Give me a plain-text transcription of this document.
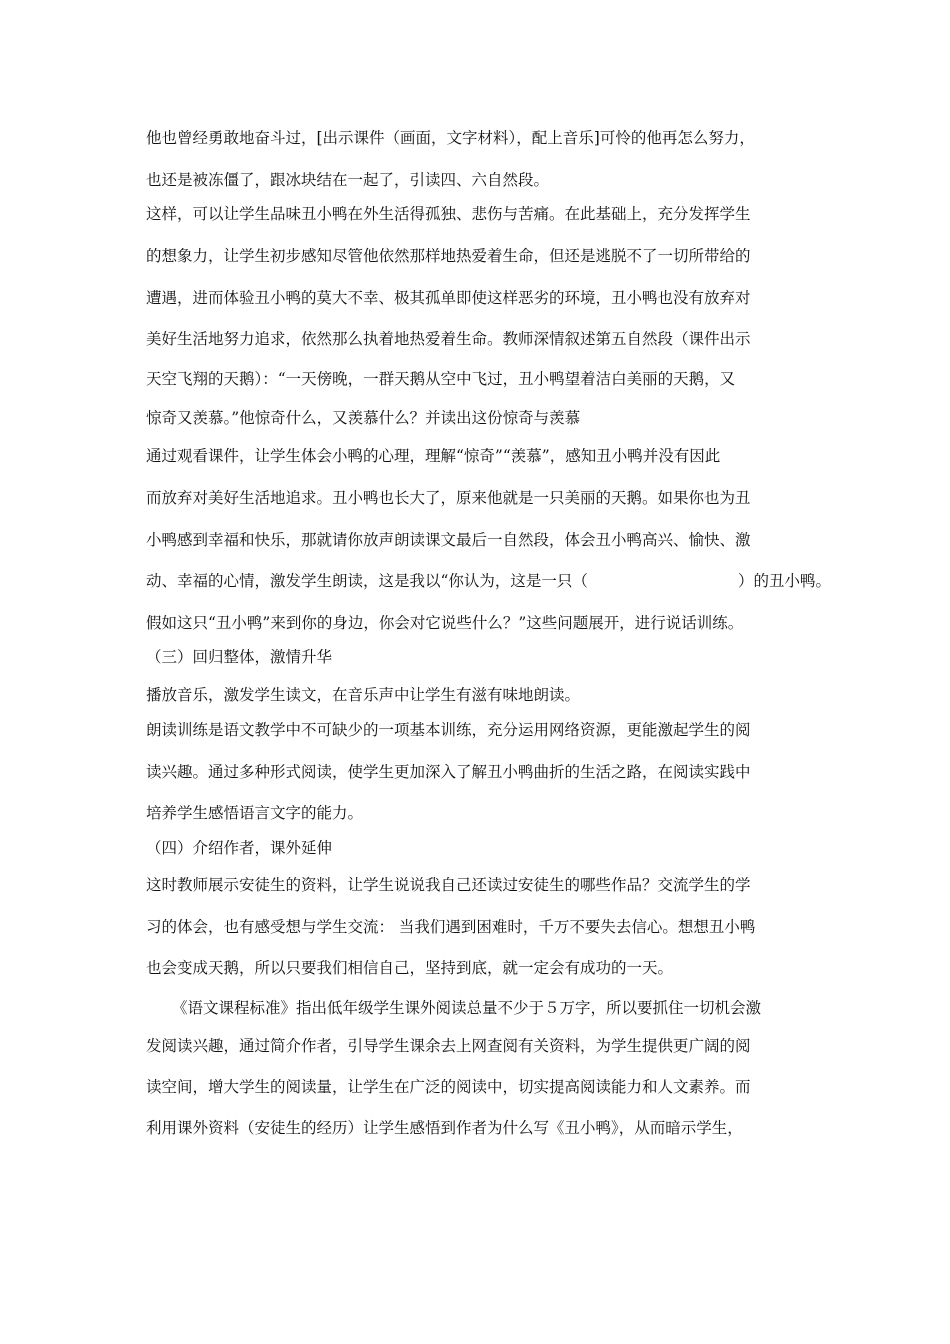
他也曾经勇敢地奋斗过，[出示课件（画面，文字材料），配上音乐]可怜的他再怎么努力，
也还是被冻僵了，跟冰块结在一起了，引读四、六自然段。
这样，可以让学生品味丑小鸭在外生活得孤独、悲伤与苦痛。在此基础上，充分发挥学生
的想象力，让学生初步感知尽管他依然那样地热爱着生命，但还是逃脱不了一切所带给的
遭遇，进而体验丑小鸭的莫大不幸、极其孤单即使这样恶劣的环境，丑小鸭也没有放弃对
美好生活地努力追求，依然那么执着地热爱着生命。教师深情叙述第五自然段（课件出示
天空飞翔的天鹅）：“一天傍晚，一群天鹅从空中飞过，丑小鸭望着洁白美丽的天鹅，又
惊奇又羡慕。”他惊奇什么，又羡慕什么？并读出这份惊奇与羡慕
通过观看课件，让学生体会小鸭的心理，理解“惊奇”“羡慕”，感知丑小鸭并没有因此
而放弃对美好生活地追求。丑小鸭也长大了，原来他就是一只美丽的天鹅。如果你也为丑
小鸭感到幸福和快乐，那就请你放声朗读课文最后一自然段，体会丑小鸭高兴、愉快、激
动、幸福的心情，激发学生朗读，这是我以“你认为，这是一只（	）的丑小鸭。
假如这只“丑小鸭”来到你的身边，你会对它说些什么？”这些问题展开，进行说话训练。
（三）回归整体，激情升华
播放音乐，激发学生读文，在音乐声中让学生有滋有味地朗读。
朗读训练是语文教学中不可缺少的一项基本训练，充分运用网络资源，更能激起学生的阅
读兴趣。通过多种形式阅读，使学生更加深入了解丑小鸭曲折的生活之路，在阅读实践中
培养学生感悟语言文字的能力。
（四）介绍作者，课外延伸
这时教师展示安徒生的资料，让学生说说我自己还读过安徒生的哪些作品？交流学生的学
习的体会，也有感受想与学生交流： 当我们遇到困难时，千万不要失去信心。想想丑小鸭
也会变成天鹅，所以只要我们相信自己，坚持到底，就一定会有成功的一天。
《语文课程标准》指出低年级学生课外阅读总量不少于５万字，所以要抓住一切机会激
发阅读兴趣，通过简介作者，引导学生课余去上网查阅有关资料，为学生提供更广阔的阅
读空间，增大学生的阅读量，让学生在广泛的阅读中，切实提高阅读能力和人文素养。而
利用课外资料（安徒生的经历）让学生感悟到作者为什么写《丑小鸭》，从而暗示学生，
